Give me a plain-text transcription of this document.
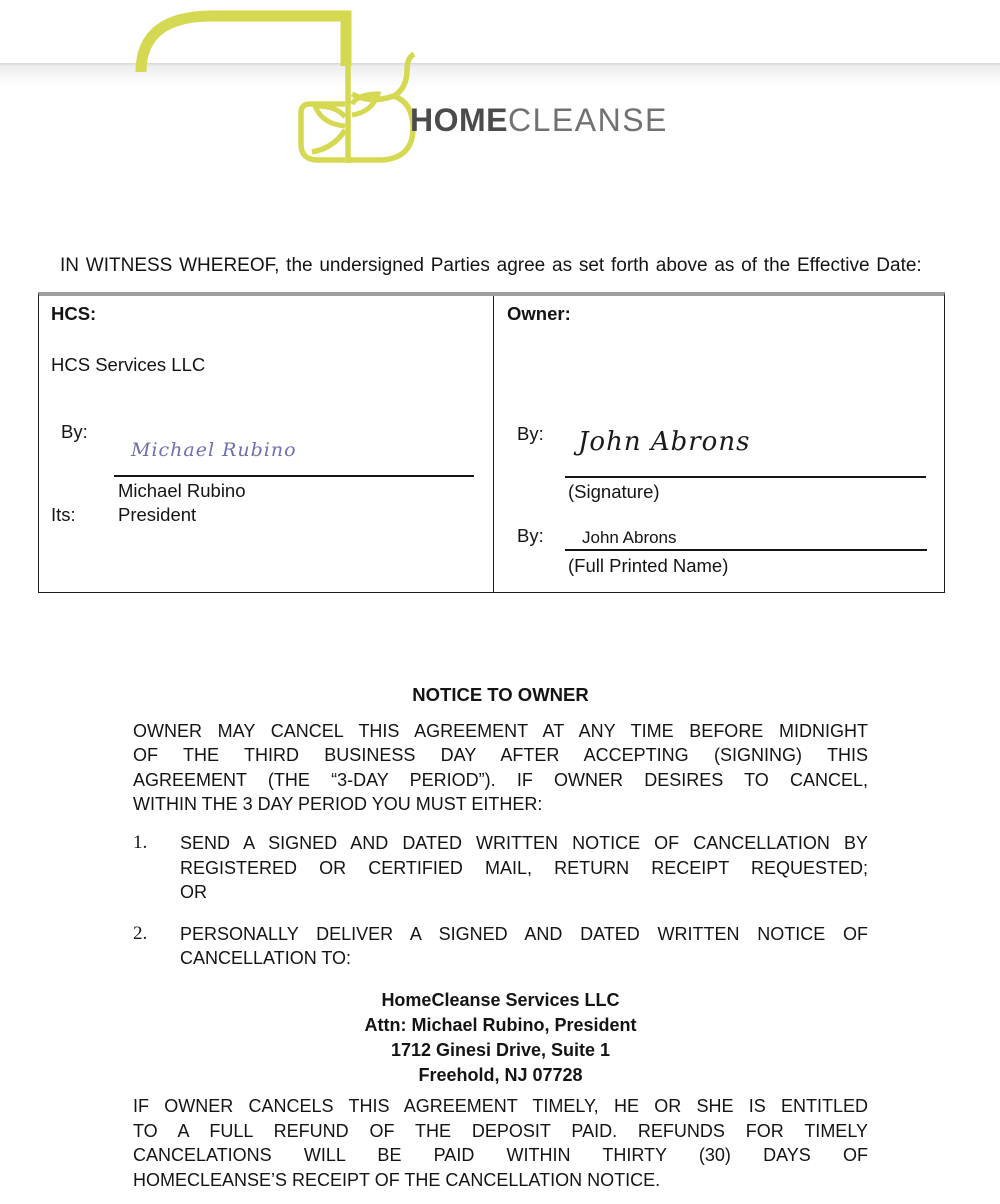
HOMECLEANSE
IN WITNESS WHEREOF, the undersigned Parties agree as set forth above as of the Effective Date:
HCS:
HCS Services LLC
By:
Michael Rubino
Michael Rubino
Its: President
Owner:
By: John Abrons
(Signature)
By: John Abrons
(Full Printed Name)
NOTICE TO OWNER
OWNER MAY CANCEL THIS AGREEMENT AT ANY TIME BEFORE MIDNIGHT
OF THE THIRD BUSINESS DAY AFTER ACCEPTING (SIGNING) THIS
AGREEMENT (THE “3-DAY PERIOD”). IF OWNER DESIRES TO CANCEL,
WITHIN THE 3 DAY PERIOD YOU MUST EITHER:
1.	SEND A SIGNED AND DATED WRITTEN NOTICE OF CANCELLATION BY
REGISTERED OR CERTIFIED MAIL, RETURN RECEIPT REQUESTED;
OR
2.	PERSONALLY DELIVER A SIGNED AND DATED WRITTEN NOTICE OF
CANCELLATION TO:
HomeCleanse Services LLC
Attn: Michael Rubino, President
1712 Ginesi Drive, Suite 1
Freehold, NJ 07728
IF OWNER CANCELS THIS AGREEMENT TIMELY, HE OR SHE IS ENTITLED
TO A FULL REFUND OF THE DEPOSIT PAID. REFUNDS FOR TIMELY
CANCELATIONS WILL BE PAID WITHIN THIRTY (30) DAYS OF
HOMECLEANSE’S RECEIPT OF THE CANCELLATION NOTICE.
